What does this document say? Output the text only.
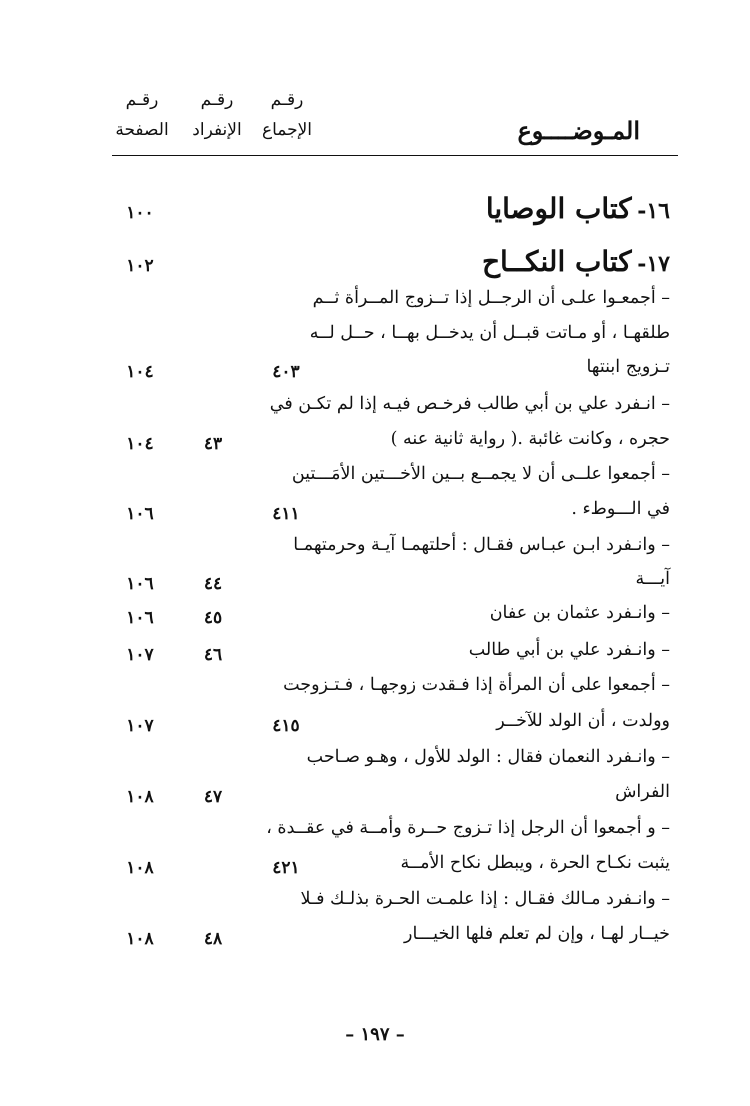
رقـم
الصفحة
رقـم
الإنفراد
رقـم
الإجماع	المـوضــــوع
١٦- كتاب الوصايا
١٠٠
١٧- كتاب النكــاح
١٠٢
– أجمعـوا علـى أن الرجــل إذا تــزوج المــرأة ثــم
طلقهـا ، أو مـاتت قبــل أن يدخــل بهــا ، حــل لــه
تـزويج ابنتها
٤٠٣
١٠٤
– انـفرد علي بن أبي طالب فرخـص فيـه إذا لم تكـن في
حجره ، وكانت غائبة .( رواية ثانية عنه )
٤٣
١٠٤
– أجمعوا علــى أن لا يجمــع بــين الأخـــتين الأمَـــتين
في الـــوطء .
٤١١
١٠٦
– وانـفرد ابـن عبـاس فقـال : أحلتهمـا آيـة وحرمتهمـا
آيـــة
٤٤
١٠٦
– وانـفرد عثمان بن عفان
٤٥
١٠٦
– وانـفرد علي بن أبي طالب
٤٦
١٠٧
– أجمعوا على أن المرأة إذا فـقدت زوجهـا ، فـتـزوجت
وولدت ، أن الولد للآخــر
٤١٥
١٠٧
– وانـفرد النعمان فقال : الولد للأول ، وهـو صـاحب
الفراش
٤٧
١٠٨
– و أجمعوا أن الرجل إذا تـزوج حــرة وأمــة في عقــدة ،
يثبت نكـاح الحرة ، ويبطل نكاح الأمــة
٤٢١
١٠٨
– وانـفرد مـالك فقـال : إذا علمـت الحـرة بذلـك فـلا
خيــار لهـا ، وإن لم تعلم فلها الخيـــار
٤٨
١٠٨
– ١٩٧ –
